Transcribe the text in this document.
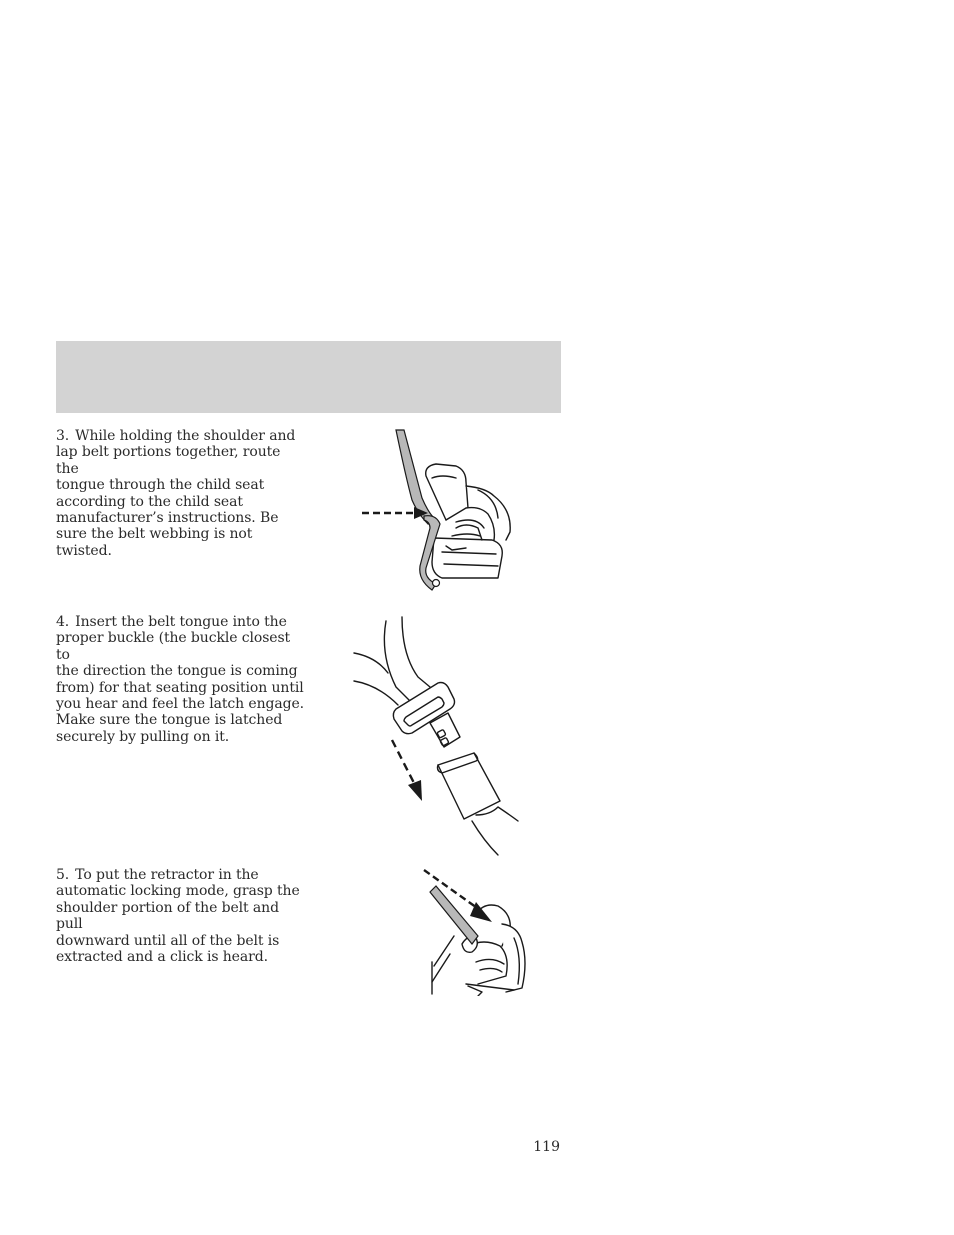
3. While holding the shoulder and
lap belt portions together, route the
tongue through the child seat
according to the child seat
manufacturer’s instructions. Be
sure the belt webbing is not
twisted.
4. Insert the belt tongue into the
proper buckle (the buckle closest to
the direction the tongue is coming
from) for that seating position until
you hear and feel the latch engage.
Make sure the tongue is latched
securely by pulling on it.
5. To put the retractor in the
automatic locking mode, grasp the
shoulder portion of the belt and pull
downward until all of the belt is
extracted and a click is heard.
119
